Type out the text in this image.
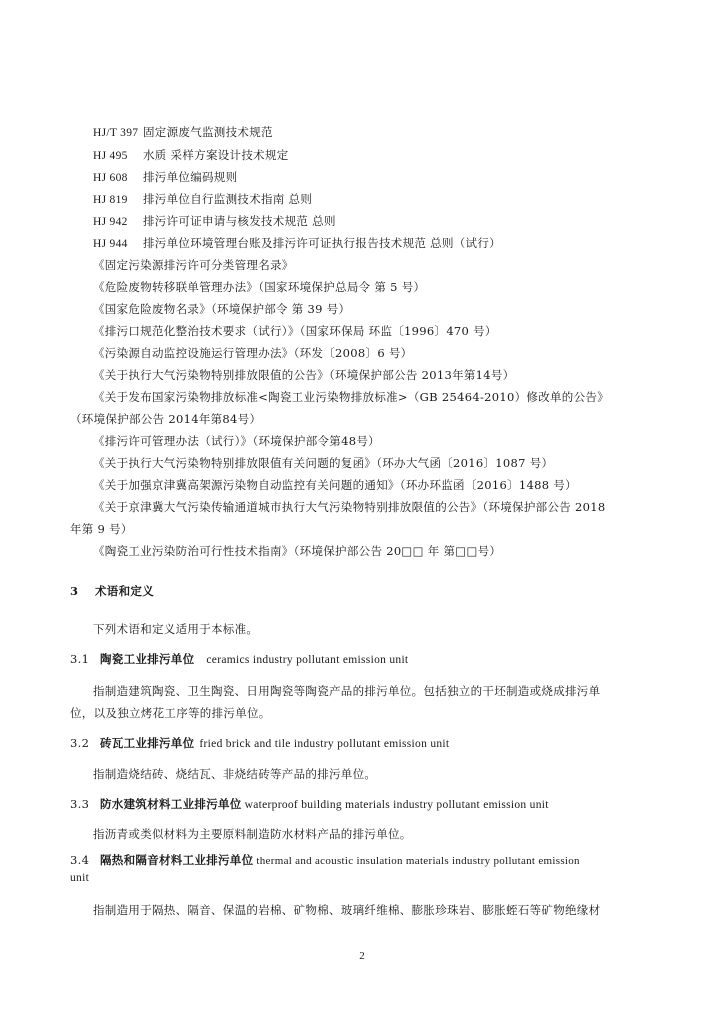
HJ/T 397 固定源废气监测技术规范
HJ 495 水质 采样方案设计技术规定
HJ 608 排污单位编码规则
HJ 819 排污单位自行监测技术指南 总则
HJ 942 排污许可证申请与核发技术规范 总则
HJ 944 排污单位环境管理台账及排污许可证执行报告技术规范 总则（试行）
《固定污染源排污许可分类管理名录》
《危险废物转移联单管理办法》（国家环境保护总局令 第 5 号）
《国家危险废物名录》（环境保护部令 第 39 号）
《排污口规范化整治技术要求（试行）》（国家环保局 环监〔1996〕470 号）
《污染源自动监控设施运行管理办法》（环发〔2008〕6 号）
《关于执行大气污染物特别排放限值的公告》（环境保护部公告 2013年第14号）
《关于发布国家污染物排放标准<陶瓷工业污染物排放标准>（GB 25464-2010）修改单的公告》
（环境保护部公告 2014年第84号）
《排污许可管理办法（试行）》（环境保护部令第48号）
《关于执行大气污染物特别排放限值有关问题的复函》（环办大气函〔2016〕1087 号）
《关于加强京津冀高架源污染物自动监控有关问题的通知》（环办环监函〔2016〕1488 号）
《关于京津冀大气污染传输通道城市执行大气污染物特别排放限值的公告》（环境保护部公告 2018
年第 9 号）
《陶瓷工业污染防治可行性技术指南》（环境保护部公告 20□□ 年 第□□号）
3 术语和定义
下列术语和定义适用于本标准。
3.1 陶瓷工业排污单位 ceramics industry pollutant emission unit
指制造建筑陶瓷、卫生陶瓷、日用陶瓷等陶瓷产品的排污单位。包括独立的干坯制造或烧成排污单
位，以及独立烤花工序等的排污单位。
3.2 砖瓦工业排污单位 fried brick and tile industry pollutant emission unit
指制造烧结砖、烧结瓦、非烧结砖等产品的排污单位。
3.3 防水建筑材料工业排污单位 waterproof building materials industry pollutant emission unit
指沥青或类似材料为主要原料制造防水材料产品的排污单位。
3.4 隔热和隔音材料工业排污单位 thermal and acoustic insulation materials industry pollutant emission
unit
指制造用于隔热、隔音、保温的岩棉、矿物棉、玻璃纤维棉、膨胀珍珠岩、膨胀蛭石等矿物绝缘材
2
